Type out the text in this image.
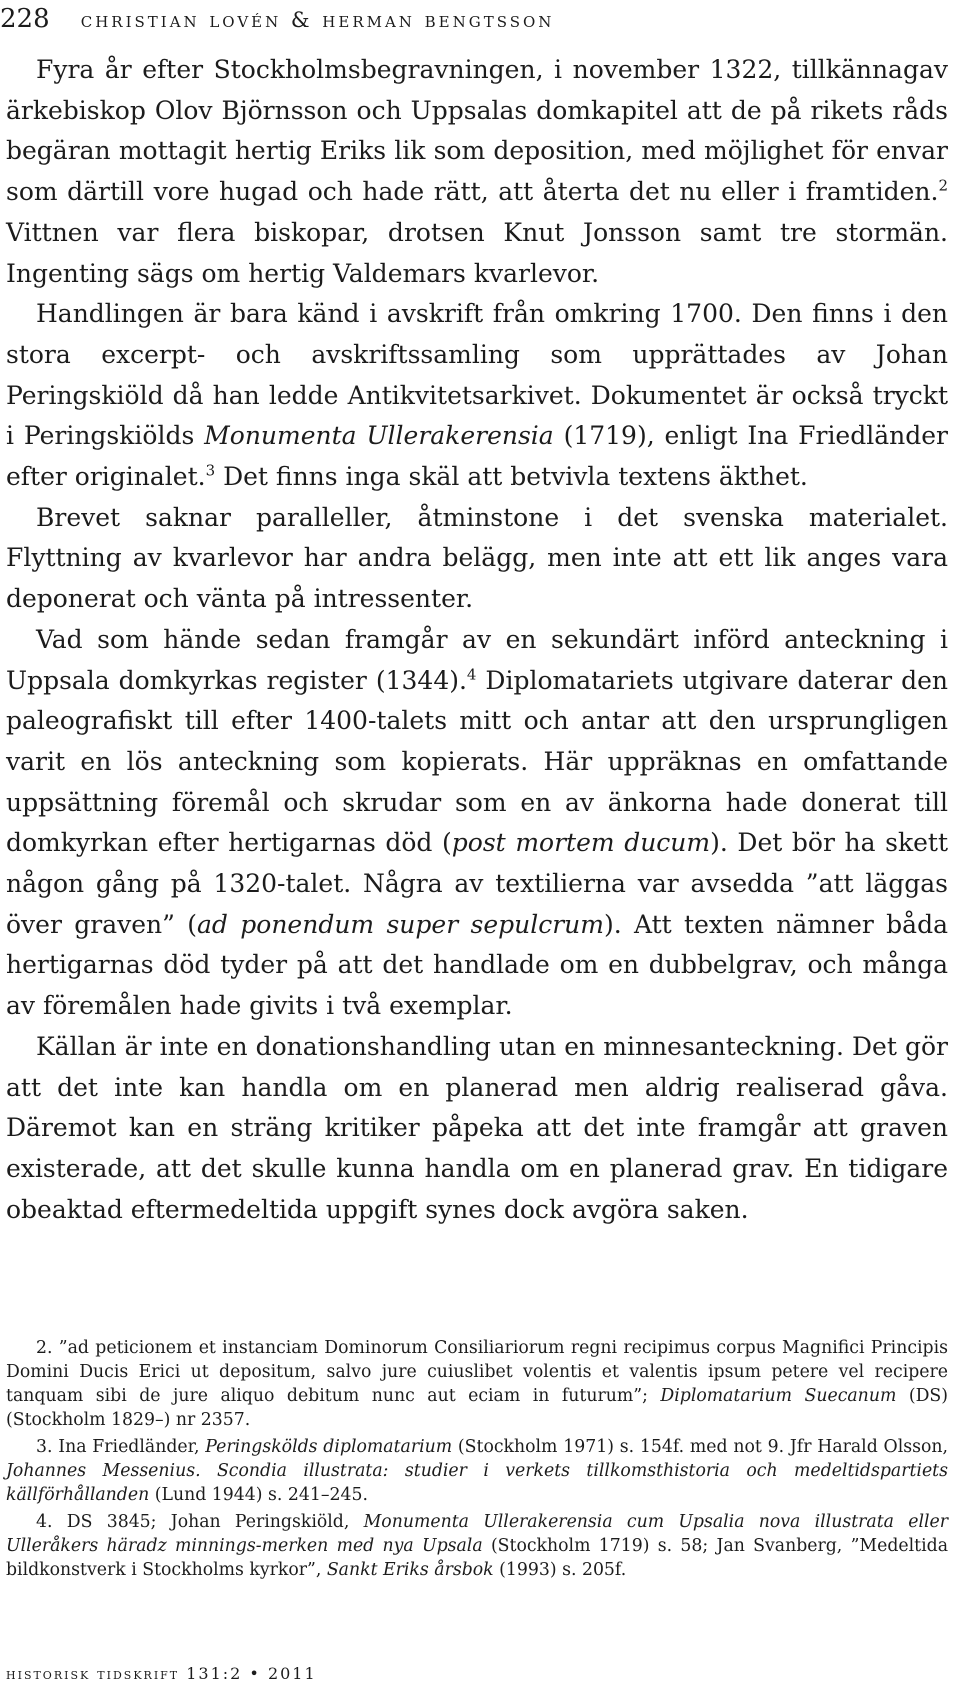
228 christian lovén & herman bengtsson

Fyra år efter Stockholmsbegravningen, i november 1322, tillkännagav ärkebiskop Olov Björnsson och Uppsalas domkapitel att de på rikets råds begäran mottagit hertig Eriks lik som deposition, med möjlighet för envar som därtill vore hugad och hade rätt, att återta det nu eller i framtiden.$^2$ Vittnen var flera biskopar, drotsen Knut Jonsson samt tre stormän. Ingenting sägs om hertig Valdemars kvarlevor.

Handlingen är bara känd i avskrift från omkring 1700. Den finns i den stora excerpt- och avskriftssamling som upprättades av Johan Peringskiöld då han ledde Antikvitetsarkivet. Dokumentet är också tryckt i Peringskiölds Monumenta Ullerakerensia (1719), enligt Ina Friedländer efter originalet.$^3$ Det finns inga skäl att betvivla textens äkthet.

Brevet saknar paralleller, åtminstone i det svenska materialet. Flyttning av kvarlevor har andra belägg, men inte att ett lik anges vara deponerat och vänta på intressenter.

Vad som hände sedan framgår av en sekundärt införd anteckning i Uppsala domkyrkas register (1344).$^4$ Diplomatariets utgivare daterar den paleografiskt till efter 1400-talets mitt och antar att den ursprungligen varit en lös anteckning som kopierats. Här uppräknas en omfattande uppsättning föremål och skrudar som en av änkorna hade donerat till domkyrkan efter hertigarnas död (post mortem ducum). Det bör ha skett någon gång på 1320-talet. Några av textilierna var avsedda ”att läggas över graven” (ad ponendum super sepulcrum). Att texten nämner båda hertigarnas död tyder på att det handlade om en dubbelgrav, och många av föremålen hade givits i två exemplar.

Källan är inte en donationshandling utan en minnesanteckning. Det gör att det inte kan handla om en planerad men aldrig realiserad gåva. Däremot kan en sträng kritiker påpeka att det inte framgår att graven existerade, att det skulle kunna handla om en planerad grav. En tidigare obeaktad eftermedeltida uppgift synes dock avgöra saken.

2. ”ad peticionem et instanciam Dominorum Consiliariorum regni recipimus corpus Magnifici Principis Domini Ducis Erici ut depositum, salvo jure cuiuslibet volentis et valentis ipsum petere vel recipere tanquam sibi de jure aliquo debitum nunc aut eciam in futurum”; Diplomatarium Suecanum (DS) (Stockholm 1829–) nr 2357.

3. Ina Friedländer, Peringskölds diplomatarium (Stockholm 1971) s. 154f. med not 9. Jfr Harald Olsson, Johannes Messenius. Scondia illustrata: studier i verkets tillkomsthistoria och medeltidspartiets källförhållanden (Lund 1944) s. 241–245.

4. DS 3845; Johan Peringskiöld, Monumenta Ullerakerensia cum Upsalia nova illustrata eller Ulleråkers häradz minnings-merken med nya Upsala (Stockholm 1719) s. 58; Jan Svanberg, ”Medeltida bildkonstverk i Stockholms kyrkor”, Sankt Eriks årsbok (1993) s. 205f.

historisk tidskrift 131:2 • 2011
